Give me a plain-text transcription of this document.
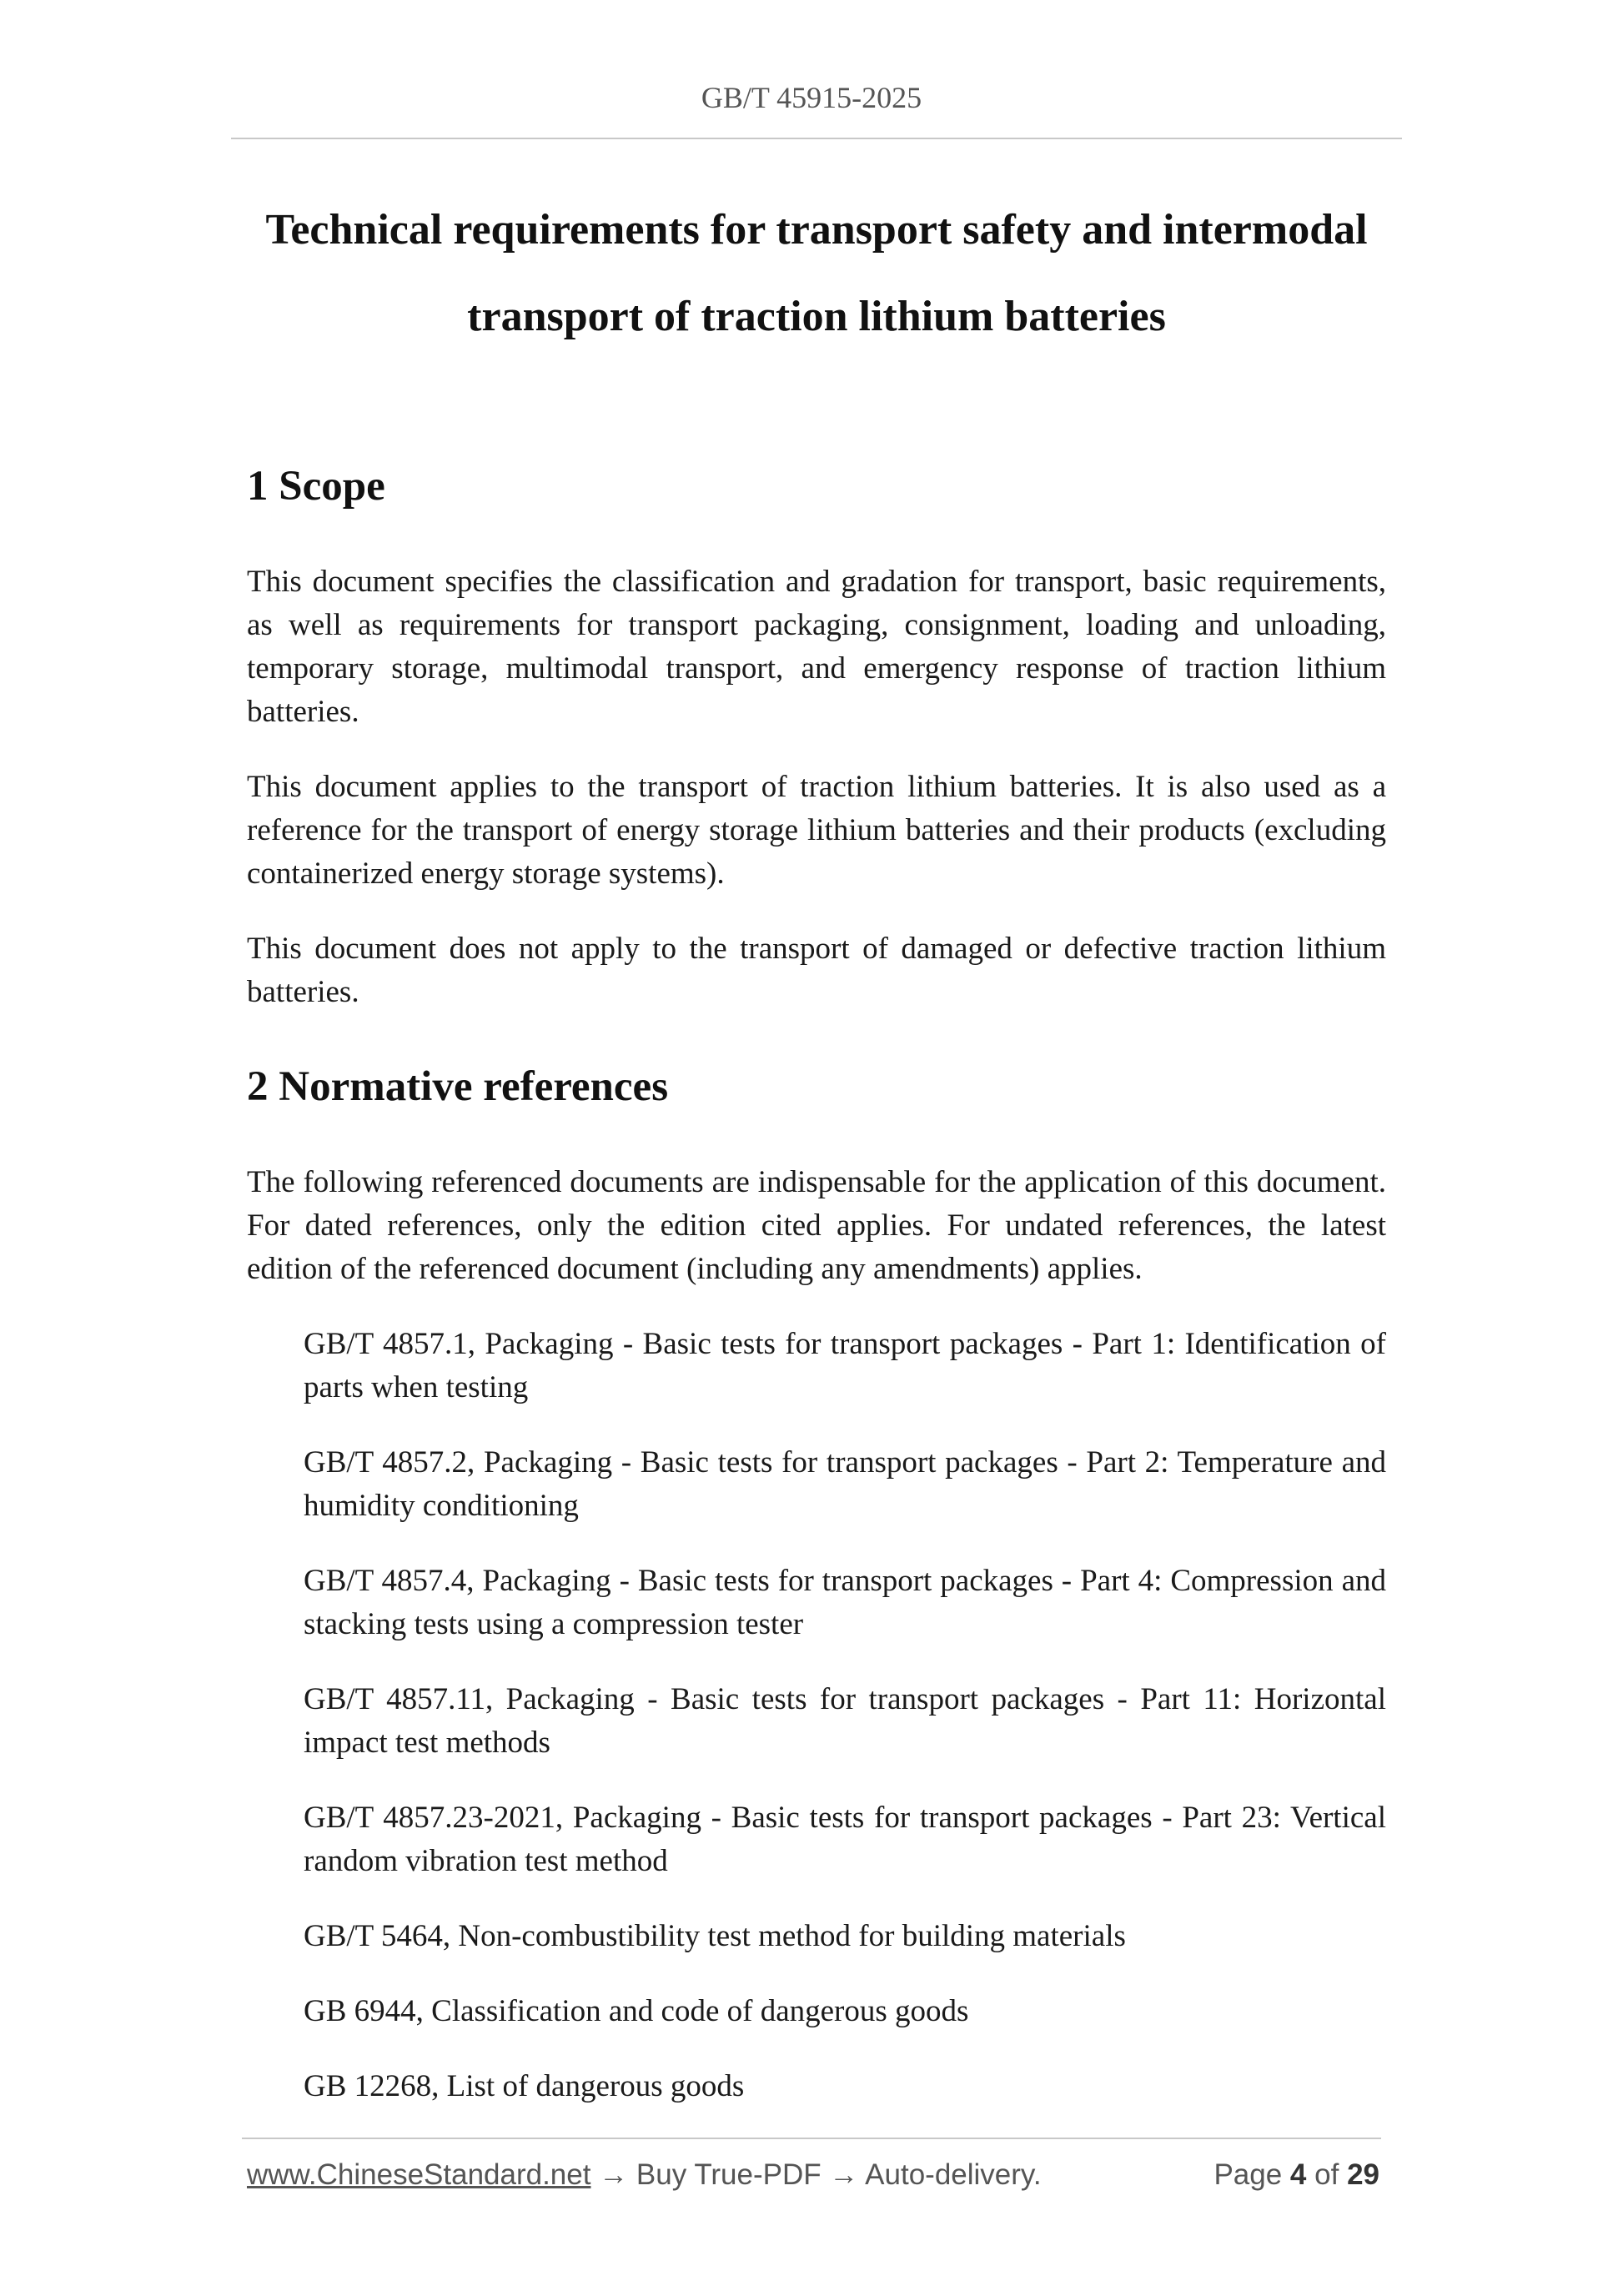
GB/T 45915-2025
Technical requirements for transport safety and intermodal
transport of traction lithium batteries
1 Scope

This document specifies the classification and gradation for transport, basic requirements, as well as requirements for transport packaging, consignment, loading and unloading, temporary storage, multimodal transport, and emergency response of traction lithium batteries.

This document applies to the transport of traction lithium batteries. It is also used as a reference for the transport of energy storage lithium batteries and their products (excluding containerized energy storage systems).

This document does not apply to the transport of damaged or defective traction lithium batteries.

2 Normative references

The following referenced documents are indispensable for the application of this document. For dated references, only the edition cited applies. For undated references, the latest edition of the referenced document (including any amendments) applies.

GB/T 4857.1, Packaging - Basic tests for transport packages - Part 1: Identification of parts when testing
GB/T 4857.2, Packaging - Basic tests for transport packages - Part 2: Temperature and humidity conditioning
GB/T 4857.4, Packaging - Basic tests for transport packages - Part 4: Compression and stacking tests using a compression tester
GB/T 4857.11, Packaging - Basic tests for transport packages - Part 11: Horizontal impact test methods
GB/T 4857.23-2021, Packaging - Basic tests for transport packages - Part 23: Vertical random vibration test method
GB/T 5464, Non-combustibility test method for building materials
GB 6944, Classification and code of dangerous goods
GB 12268, List of dangerous goods
www.ChineseStandard.net → Buy True-PDF → Auto-delivery.	Page 4 of 29
